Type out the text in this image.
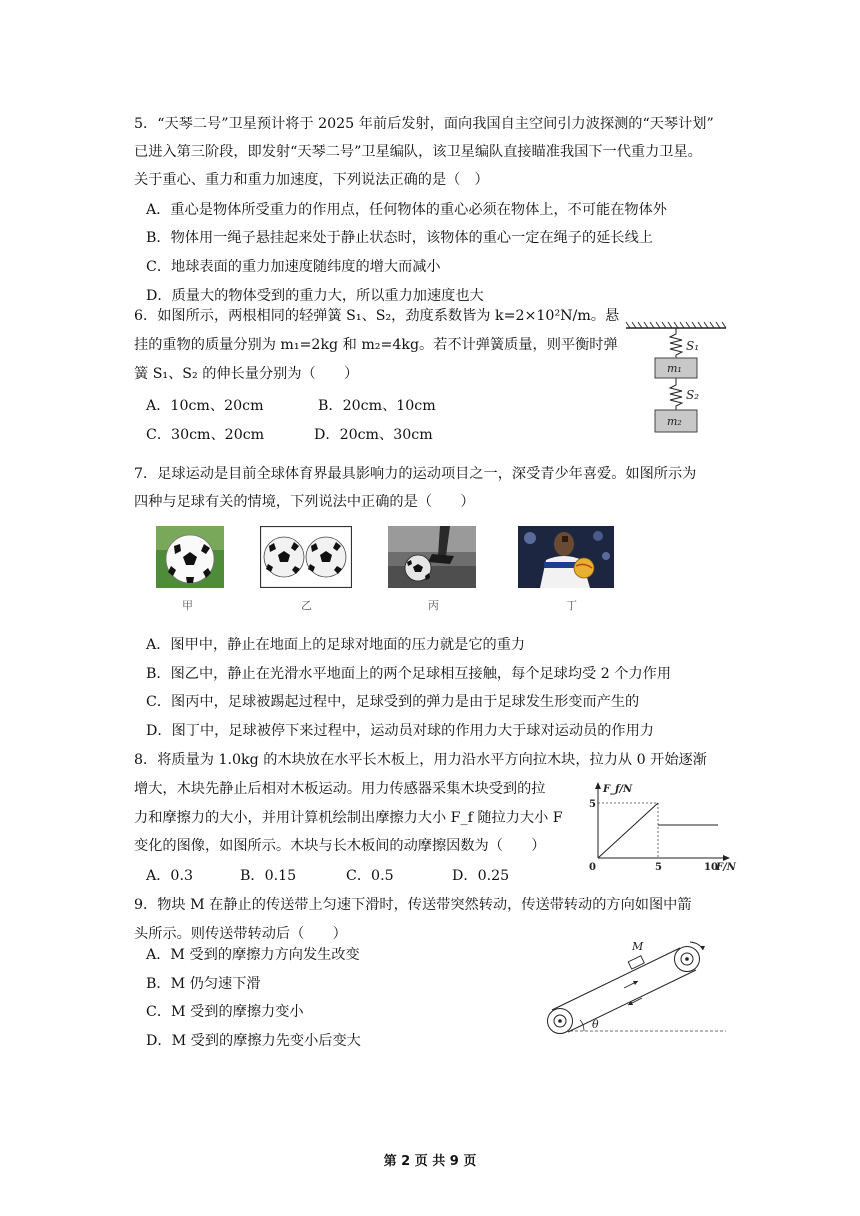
5．“天琴二号”卫星预计将于 2025 年前后发射，面向我国自主空间引力波探测的“天琴计划”
已进入第三阶段，即发射“天琴二号”卫星编队，该卫星编队直接瞄准我国下一代重力卫星。
关于重心、重力和重力加速度，下列说法正确的是（　）
A．重心是物体所受重力的作用点，任何物体的重心必须在物体上，不可能在物体外
B．物体用一绳子悬挂起来处于静止状态时，该物体的重心一定在绳子的延长线上
C．地球表面的重力加速度随纬度的增大而减小
D．质量大的物体受到的重力大，所以重力加速度也大
6．如图所示，两根相同的轻弹簧 S₁、S₂，劲度系数皆为 k=2×10²N/m。悬
挂的重物的质量分别为 m₁=2kg 和 m₂=4kg。若不计弹簧质量，则平衡时弹
簧 S₁、S₂ 的伸长量分别为（　　）
A．10cm、20cm	B．20cm、10cm
C．30cm、20cm	D．20cm、30cm
S₁
m₁
S₂
m₂
7．足球运动是目前全球体育界最具影响力的运动项目之一，深受青少年喜爱。如图所示为
四种与足球有关的情境，下列说法中正确的是（　　）
甲	乙	丙	丁
A．图甲中，静止在地面上的足球对地面的压力就是它的重力
B．图乙中，静止在光滑水平地面上的两个足球相互接触，每个足球均受 2 个力作用
C．图丙中，足球被踢起过程中，足球受到的弹力是由于足球发生形变而产生的
D．图丁中，足球被停下来过程中，运动员对球的作用力大于球对运动员的作用力
8．将质量为 1.0kg 的木块放在水平长木板上，用力沿水平方向拉木块，拉力从 0 开始逐渐
增大，木块先静止后相对木板运动。用力传感器采集木块受到的拉
力和摩擦力的大小，并用计算机绘制出摩擦力大小 F_f 随拉力大小 F
变化的图像，如图所示。木块与长木板间的动摩擦因数为（　　）
A．0.3	B．0.15	C．0.5	D．0.25
5
0	5	10
F/N
F_f/N
9．物块 M 在静止的传送带上匀速下滑时，传送带突然转动，传送带转动的方向如图中箭
头所示。则传送带转动后（　　）
A．M 受到的摩擦力方向发生改变
B．M 仍匀速下滑
C．M 受到的摩擦力变小
D．M 受到的摩擦力先变小后变大
M
θ
第 2 页 共 9 页
